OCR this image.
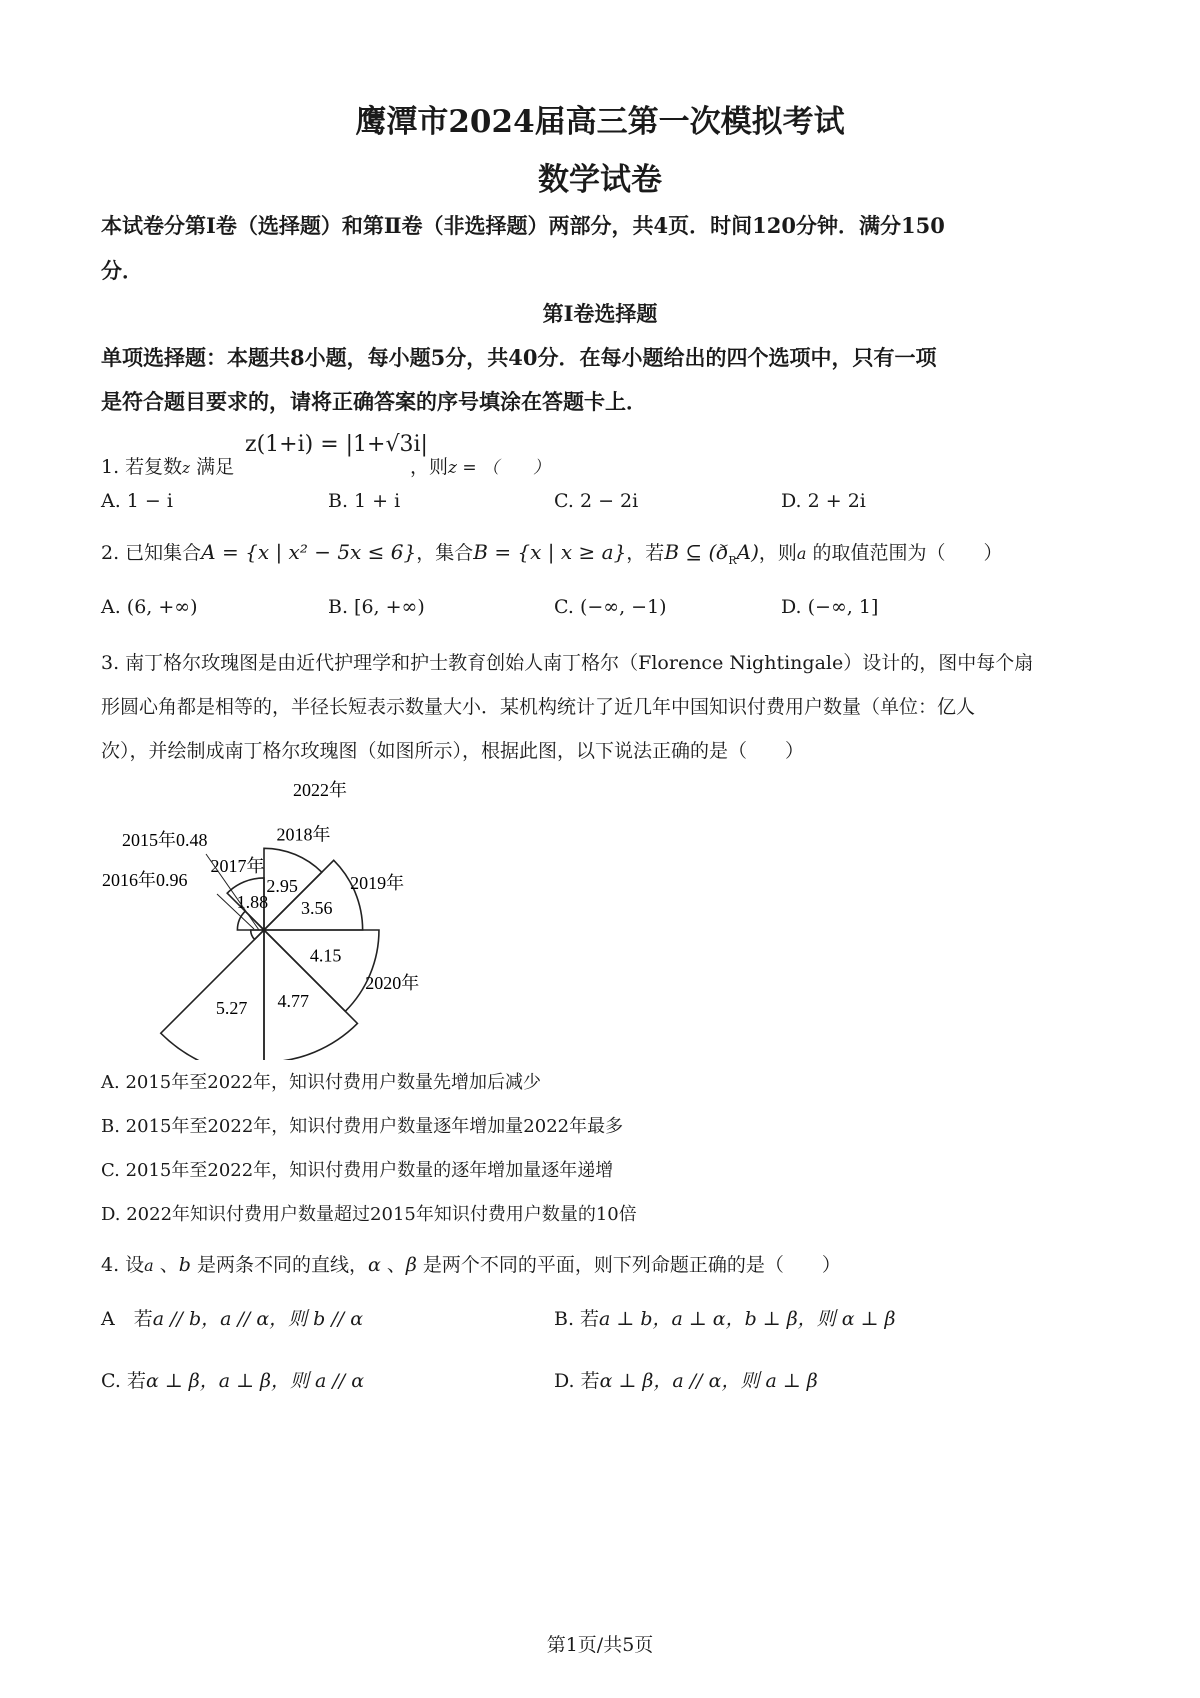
鹰潭市2024届高三第一次模拟考试
数学试卷
本试卷分第Ⅰ卷（选择题）和第Ⅱ卷（非选择题）两部分，共4页．时间120分钟．满分150
分．
第Ⅰ卷选择题
单项选择题：本题共8小题，每小题5分，共40分．在每小题给出的四个选项中，只有一项
是符合题目要求的，请将正确答案的序号填涂在答题卡上．
1. 若复数z 满足
z(1+i) = |1+√3i|
，则z = （　　）
A. 1 − i	B. 1 + i	C. 2 − 2i	D. 2 + 2i
2. 已知集合A = {x | x² − 5x ≤ 6}，集合B = {x | x ≥ a}，若B ⊆ $(ð_RA)$，则a 的取值范围为（　　）
A. (6, +∞)	B. [6, +∞)	C. (−∞, −1)	D. (−∞, 1]
3. 南丁格尔玫瑰图是由近代护理学和护士教育创始人南丁格尔（Florence Nightingale）设计的，图中每个扇
形圆心角都是相等的，半径长短表示数量大小．某机构统计了近几年中国知识付费用户数量（单位：亿人
次），并绘制成南丁格尔玫瑰图（如图所示），根据此图，以下说法正确的是（　　）
1.88
2.95
3.56
4.15
4.77
5.27
2017年
2018年
2019年
2020年
2022年
2015年0.48
2016年0.96
A. 2015年至2022年，知识付费用户数量先增加后减少
B. 2015年至2022年，知识付费用户数量逐年增加量2022年最多
C. 2015年至2022年，知识付费用户数量的逐年增加量逐年递增
D. 2022年知识付费用户数量超过2015年知识付费用户数量的10倍
4. 设a 、b 是两条不同的直线，α 、β 是两个不同的平面，则下列命题正确的是（　　）
A　若a // b，a // α，则 b // α	B. 若a ⊥ b，a ⊥ α，b ⊥ β，则 α ⊥ β
C. 若α ⊥ β，a ⊥ β，则 a // α	D. 若α ⊥ β，a // α，则 a ⊥ β
第1页/共5页
